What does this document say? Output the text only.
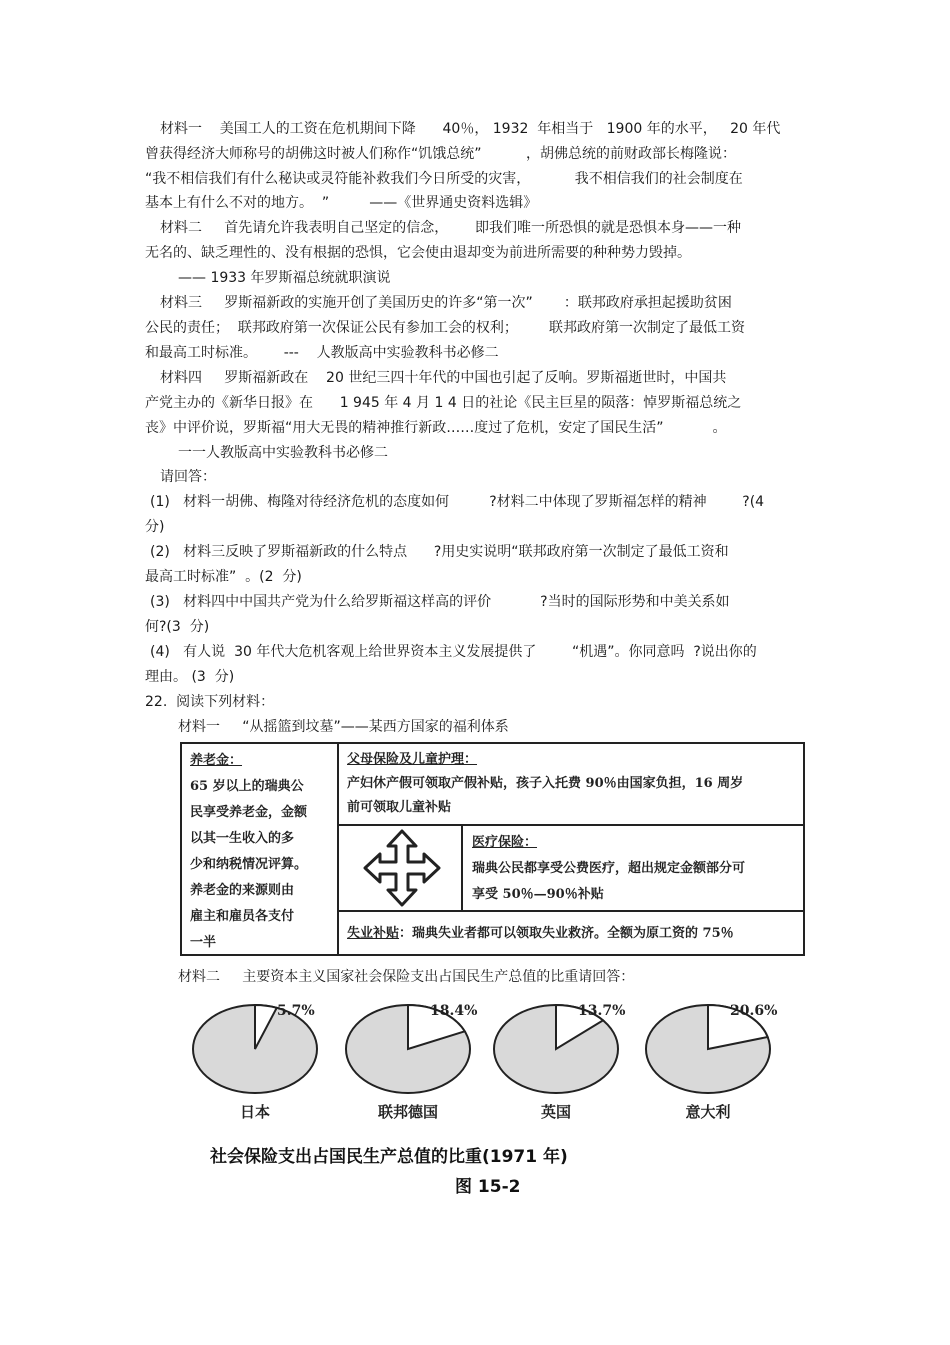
材料一    美国工人的工资在危机期间下降      40％， 1932  年相当于   1900 年的水平，   20 年代
曾获得经济大师称号的胡佛这时被人们称作“饥饿总统”          ，胡佛总统的前财政部长梅隆说：
“我不相信我们有什么秘诀或灵符能补救我们今日所受的灾害，          我不相信我们的社会制度在
基本上有什么不对的地方。  ”         ——《世界通史资料选辑》
材料二     首先请允许我表明自己坚定的信念，      即我们唯一所恐惧的就是恐惧本身——一种
无名的、缺乏理性的、没有根据的恐惧，它会使由退却变为前进所需要的种种势力毁掉。
—— 1933 年罗斯福总统就职演说
材料三     罗斯福新政的实施开创了美国历史的许多“第一次”       ：联邦政府承担起援助贫困
公民的责任；  联邦政府第一次保证公民有参加工会的权利；       联邦政府第一次制定了最低工资
和最高工时标准。      ---    人教版高中实验教科书必修二
材料四     罗斯福新政在    20 世纪三四十年代的中国也引起了反响。罗斯福逝世时，中国共
产党主办的《新华日报》在      1 945 年 4 月 1 4 日的社论《民主巨星的陨落：悼罗斯福总统之
丧》中评价说，罗斯福“用大无畏的精神推行新政……度过了危机，安定了国民生活”           。
一一人教版高中实验教科书必修二
请回答：
(1)   材料一胡佛、梅隆对待经济危机的态度如何         ?材料二中体现了罗斯福怎样的精神        ?(4
分)
(2)   材料三反映了罗斯福新政的什么特点      ?用史实说明“联邦政府第一次制定了最低工资和
最高工时标准”  。(2  分)
(3)   材料四中中国共产党为什么给罗斯福这样高的评价           ?当时的国际形势和中美关系如
何?(3  分)
(4)   有人说  30 年代大危机客观上给世界资本主义发展提供了        “机遇”。你同意吗  ?说出你的
理由。 (3  分)
22.  阅读下列材料：
材料一     “从摇篮到坟墓”——某西方国家的福利体系
材料二     主要资本主义国家社会保险支出占国民生产总值的比重请回答：
养老金：
65 岁以上的瑞典公
民享受养老金，金额
以其一生收入的多
少和纳税情况评算。
养老金的来源则由
雇主和雇员各支付
一半
父母保险及儿童护理：
产妇休产假可领取产假补贴，孩子入托费 90％由国家负担，16 周岁
前可领取儿童补贴
医疗保险：
瑞典公民都享受公费医疗，超出规定金额部分可
享受 50％—90％补贴
失业补贴：瑞典失业者都可以领取失业救济。全额为原工资的 75％
5.7%
日本
18.4%
联邦德国
13.7%
英国
20.6%
意大利
社会保险支出占国民生产总值的比重(1971 年)
图 15-2
